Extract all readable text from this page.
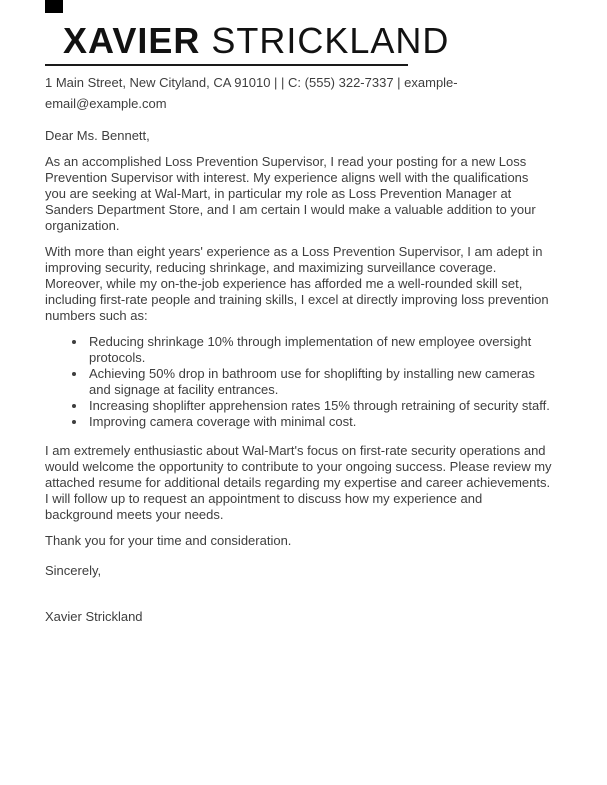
XAVIER STRICKLAND

1 Main Street, New Cityland, CA 91010 | | C: (555) 322-7337 | example-email@example.com

Dear Ms. Bennett,

As an accomplished Loss Prevention Supervisor, I read your posting for a new Loss Prevention Supervisor with interest. My experience aligns well with the qualifications you are seeking at Wal-Mart, in particular my role as Loss Prevention Manager at Sanders Department Store, and I am certain I would make a valuable addition to your organization.

With more than eight years' experience as a Loss Prevention Supervisor, I am adept in improving security, reducing shrinkage, and maximizing surveillance coverage. Moreover, while my on-the-job experience has afforded me a well-rounded skill set, including first-rate people and training skills, I excel at directly improving loss prevention numbers such as:

• Reducing shrinkage 10% through implementation of new employee oversight protocols.
• Achieving 50% drop in bathroom use for shoplifting by installing new cameras and signage at facility entrances.
• Increasing shoplifter apprehension rates 15% through retraining of security staff.
• Improving camera coverage with minimal cost.

I am extremely enthusiastic about Wal-Mart's focus on first-rate security operations and would welcome the opportunity to contribute to your ongoing success. Please review my attached resume for additional details regarding my expertise and career achievements. I will follow up to request an appointment to discuss how my experience and background meets your needs.

Thank you for your time and consideration.

Sincerely,

Xavier Strickland
